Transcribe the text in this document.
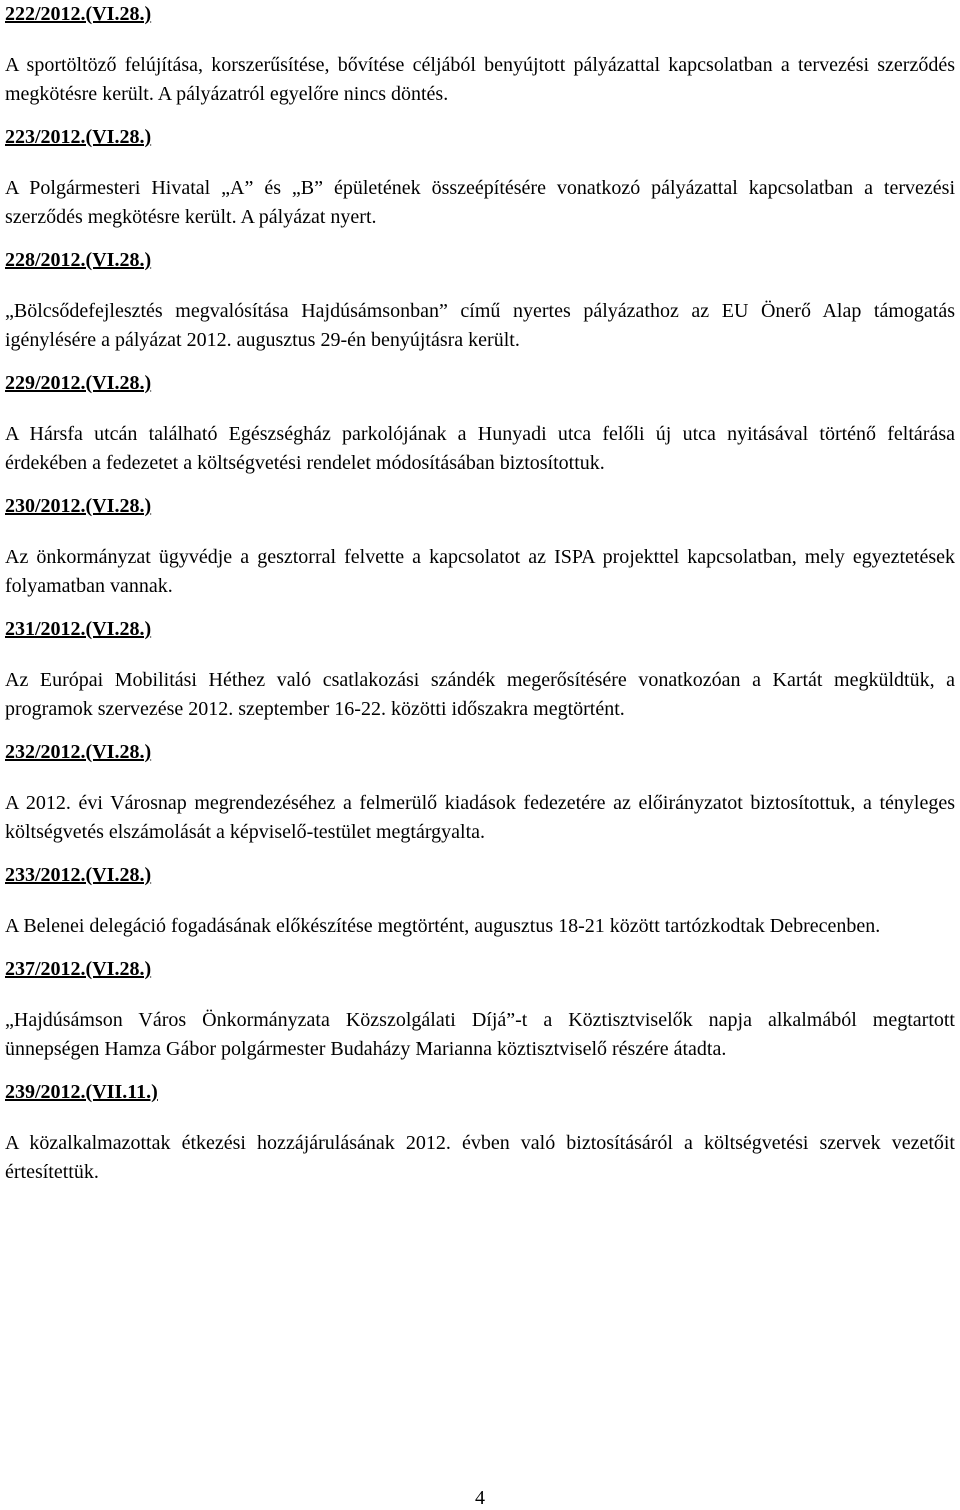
222/2012.(VI.28.)

A sportöltöző felújítása, korszerűsítése, bővítése céljából benyújtott pályázattal kapcsolatban a tervezési szerződés megkötésre került. A pályázatról egyelőre nincs döntés.

223/2012.(VI.28.)

A Polgármesteri Hivatal „A” és „B” épületének összeépítésére vonatkozó pályázattal kapcsolatban a tervezési szerződés megkötésre került. A pályázat nyert.

228/2012.(VI.28.)

„Bölcsődefejlesztés megvalósítása Hajdúsámsonban” című nyertes pályázathoz az EU Önerő Alap támogatás igénylésére a pályázat 2012. augusztus 29-én benyújtásra került.

229/2012.(VI.28.)

A Hársfa utcán található Egészségház parkolójának a Hunyadi utca felőli új utca nyitásával történő feltárása érdekében a fedezetet a költségvetési rendelet módosításában biztosítottuk.

230/2012.(VI.28.)

Az önkormányzat ügyvédje a gesztorral felvette a kapcsolatot az ISPA projekttel kapcsolatban, mely egyeztetések folyamatban vannak.

231/2012.(VI.28.)

Az Európai Mobilitási Héthez való csatlakozási szándék megerősítésére vonatkozóan a Kartát megküldtük, a programok szervezése 2012. szeptember 16-22. közötti időszakra megtörtént.

232/2012.(VI.28.)

A 2012. évi Városnap megrendezéséhez a felmerülő kiadások fedezetére az előirányzatot biztosítottuk, a tényleges költségvetés elszámolását a képviselő-testület megtárgyalta.

233/2012.(VI.28.)

A Belenei delegáció fogadásának előkészítése megtörtént, augusztus 18-21 között tartózkodtak Debrecenben.

237/2012.(VI.28.)

„Hajdúsámson Város Önkormányzata Közszolgálati Díjá”-t a Köztisztviselők napja alkalmából megtartott ünnepségen Hamza Gábor polgármester Budaházy Marianna köztisztviselő részére átadta.

239/2012.(VII.11.)

A közalkalmazottak étkezési hozzájárulásának 2012. évben való biztosításáról a költségvetési szervek vezetőit értesítettük.

4
